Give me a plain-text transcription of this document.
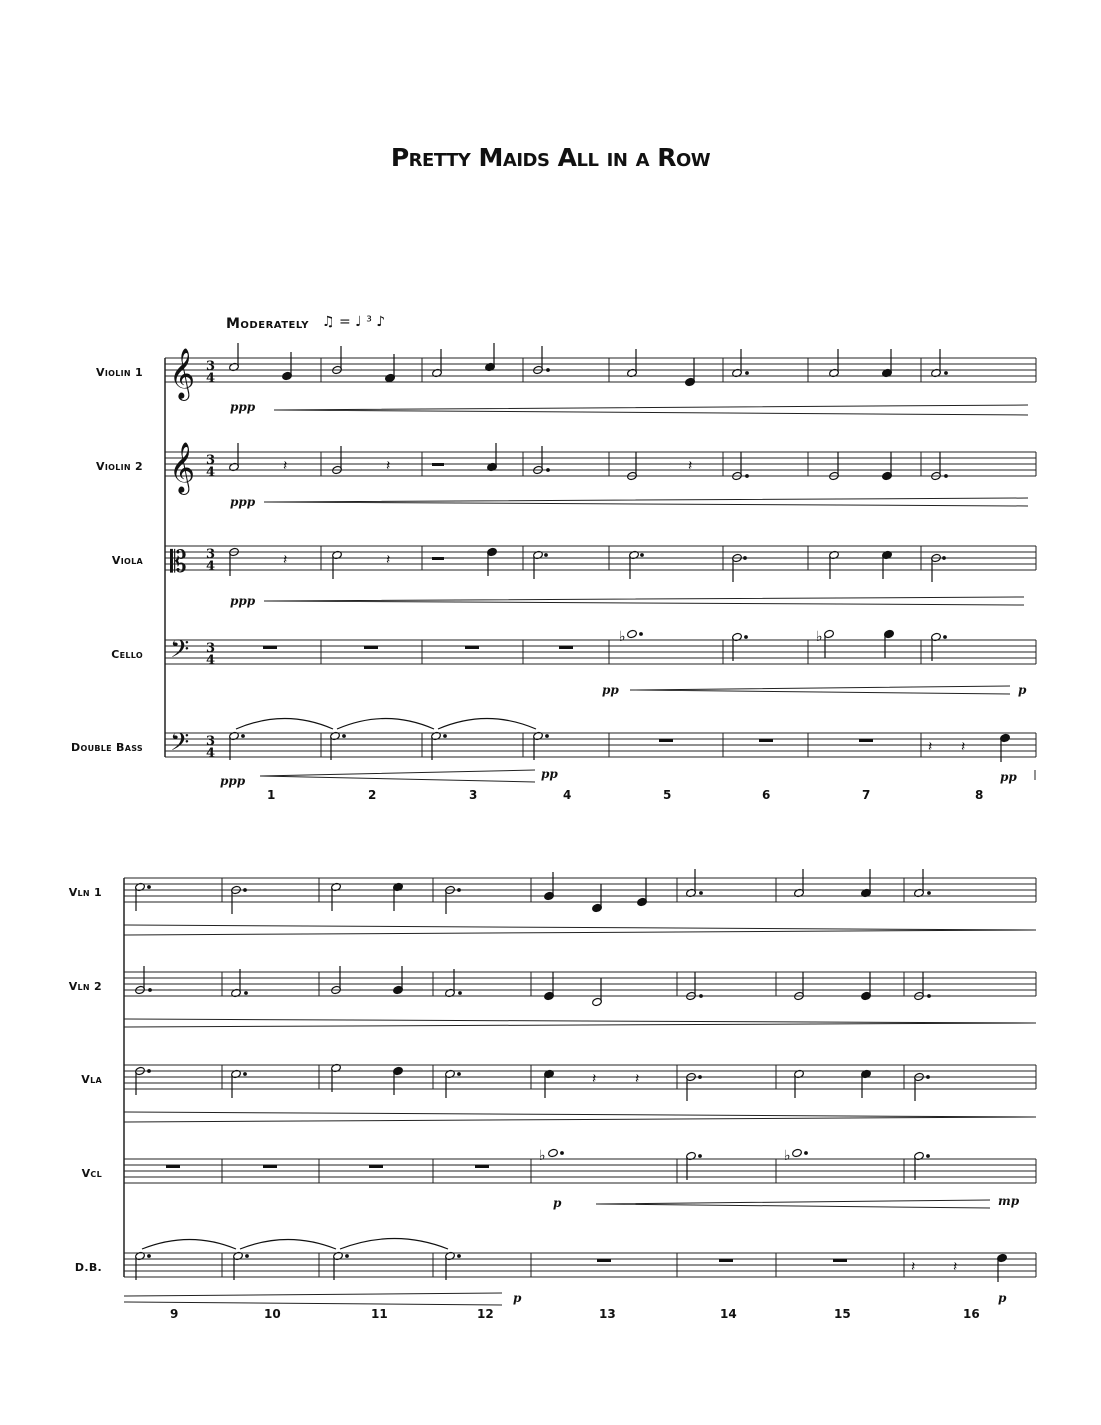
Pretty Maids All in a Row
Moderately ♫ = ♩ ³ ♪
Violin 1
Violin 2
Viola
Cello
Double Bass
Vln 1
Vln 2
Vla
Vcl
D.B.
ppp
ppp
ppp
pp	p
ppp	pp	pp
p	mp
p	p
1	2	3	4	5	6	7	8
9	10	11	12	13	14	15	16
𝄞
𝄞
𝄡
𝄢
𝄢
3
4
3
4
3
4
3
4
3
4
𝄽	𝄽	𝄽
𝄽	𝄽
♭	♭
𝄽 𝄽
𝄽	𝄽
♭	♭
𝄽	𝄽
